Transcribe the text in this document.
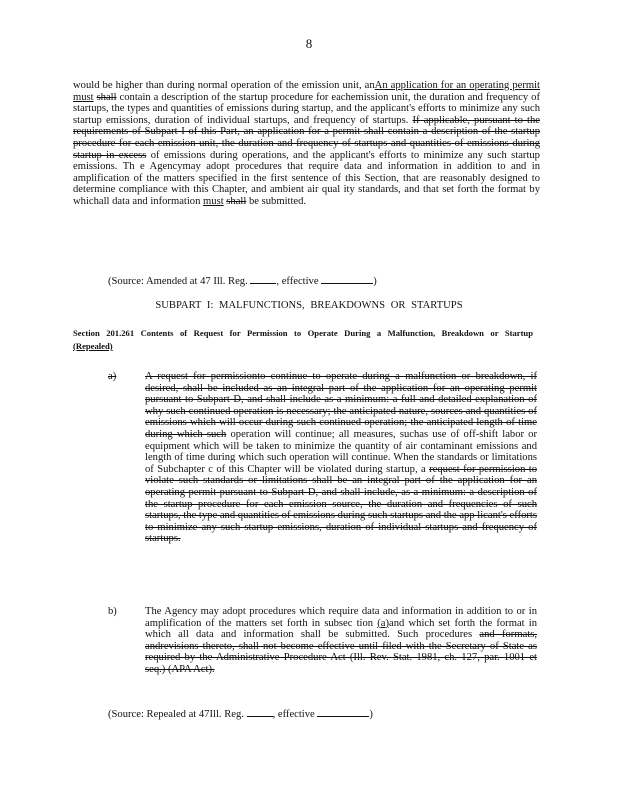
8
would be higher than during normal operation of the emission unit, anAn application for an operating permit must shall contain a description of the startup procedure for eachemission unit, the duration and frequency of startups, the types and quantities of emissions during startup, and the applicant's efforts to minimize any such startup emissions, duration of individual startups, and frequency of startups. If applicable, pursuant to the requirements of Subpart I of this Part, an application for a permit shall contain a description of the startup procedure for each emission unit, the duration and frequency of startups and quantities of emissions during startup in excess of emissions during operations, and the applicant's efforts to minimize any such startup emissions. Th e Agencymay adopt procedures that require data and information in addition to and in amplification of the matters specified in the first sentence of this Section, that are reasonably designed to determine compliance with this Chapter, and ambient air qual ity standards, and that set forth the format by whichall data and information must shall be submitted.
(Source: Amended at 47 Ill. Reg.	, effective	)
SUBPART I: MALFUNCTIONS, BREAKDOWNS OR STARTUPS
Section 201.261 Contents of Request for Permission to Operate During a Malfunction, Breakdown or Startup (Repealed)
a)	A request for permissionto continue to operate during a malfunction or breakdown, if desired, shall be included as an integral part of the application for an operating permit pursuant to Subpart D, and shall include as a minimum: a full and detailed explanation of why such continued operation is necessary; the anticipated nature, sources and quantities of emissions which will occur during such continued operation; the anticipated length of time during which such operation will continue; all measures, suchas use of off-shift labor or equipment which will be taken to minimize the quantity of air contaminant emissions and length of time during which such operation will continue. When the standards or limitations of Subchapter c of this Chapter will be violated during startup, a request for permission to violate such standards or limitations shall be an integral part of the application for an operating permit pursuant to Subpart D, and shall include, as a minimum: a description of the startup procedure for each emission source, the duration and frequencies of such startups, the type and quantities of emissions during such startups and the app licant's efforts to minimize any such startup emissions, duration of individual startups and frequency of startups.
b)	The Agency may adopt procedures which require data and information in addition to or in amplification of the matters set forth in subsec tion (a)and which set forth the format in which all data and information shall be submitted. Such procedures and formats, andrevisions thereto, shall not become effective until filed with the Secretary of State as required by the Administrative Procedure Act (Ill. Rev. Stat. 1981, ch. 127, par. 1001 et seq.) (APA Act).
(Source: Repealed at 47Ill. Reg.	, effective	)
